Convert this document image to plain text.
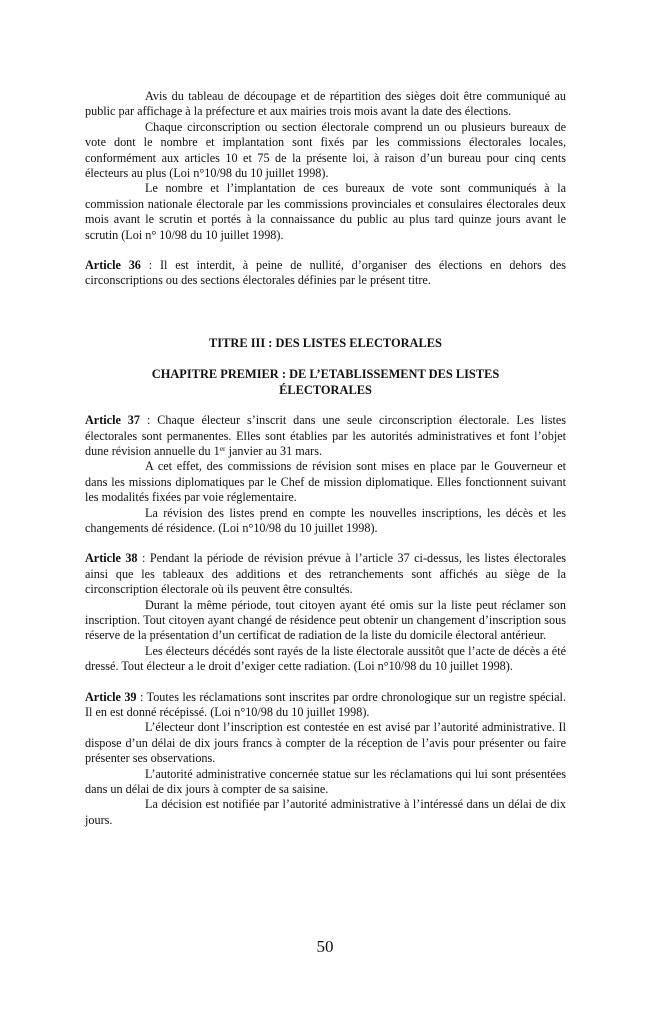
Avis du tableau de découpage et de répartition des sièges doit être communiqué au public par affichage à la préfecture et aux mairies trois mois avant la date des élections.

Chaque circonscription ou section électorale comprend un ou plusieurs bureaux de vote dont le nombre et implantation sont fixés par les commissions électorales locales, conformément aux articles 10 et 75 de la présente loi, à raison d’un bureau pour cinq cents électeurs au plus (Loi n°10/98 du 10 juillet 1998).

Le nombre et l’implantation de ces bureaux de vote sont communiqués à la commission nationale électorale par les commissions provinciales et consulaires électorales deux mois avant le scrutin et portés à la connaissance du public au plus tard quinze jours avant le scrutin (Loi n° 10/98 du 10 juillet 1998).

Article 36 : Il est interdit, à peine de nullité, d’organiser des élections en dehors des circonscriptions ou des sections électorales définies par le présent titre.

TITRE III : DES LISTES ELECTORALES
CHAPITRE PREMIER : DE L’ETABLISSEMENT DES LISTES ÉLECTORALES

Article 37 : Chaque électeur s’inscrit dans une seule circonscription électorale. Les listes électorales sont permanentes. Elles sont établies par les autorités administratives et font l’objet dune révision annuelle du 1er janvier au 31 mars.

A cet effet, des commissions de révision sont mises en place par le Gouverneur et dans les missions diplomatiques par le Chef de mission diplomatique. Elles fonctionnent suivant les modalités fixées par voie réglementaire.

La révision des listes prend en compte les nouvelles inscriptions, les décès et les changements dé résidence. (Loi n°10/98 du 10 juillet 1998).

Article 38 : Pendant la période de révision prévue à l’article 37 ci-dessus, les listes électorales ainsi que les tableaux des additions et des retranchements sont affichés au siège de la circonscription électorale où ils peuvent être consultés.

Durant la même période, tout citoyen ayant été omis sur la liste peut réclamer son inscription. Tout citoyen ayant changé de résidence peut obtenir un changement d’inscription sous réserve de la présentation d’un certificat de radiation de la liste du domicile électoral antérieur.

Les électeurs décédés sont rayés de la liste électorale aussitôt que l’acte de décès a été dressé. Tout électeur a le droit d’exiger cette radiation. (Loi n°10/98 du 10 juillet 1998).

Article 39 : Toutes les réclamations sont inscrites par ordre chronologique sur un registre spécial. Il en est donné récépissé. (Loi n°10/98 du 10 juillet 1998).

L’électeur dont l’inscription est contestée en est avisé par l’autorité administrative. Il dispose d’un délai de dix jours francs à compter de la réception de l’avis pour présenter ou faire présenter ses observations.

L’autorité administrative concernée statue sur les réclamations qui lui sont présentées dans un délai de dix jours à compter de sa saisine.

La décision est notifiée par l’autorité administrative à l’intéressé dans un délai de dix jours.

50
